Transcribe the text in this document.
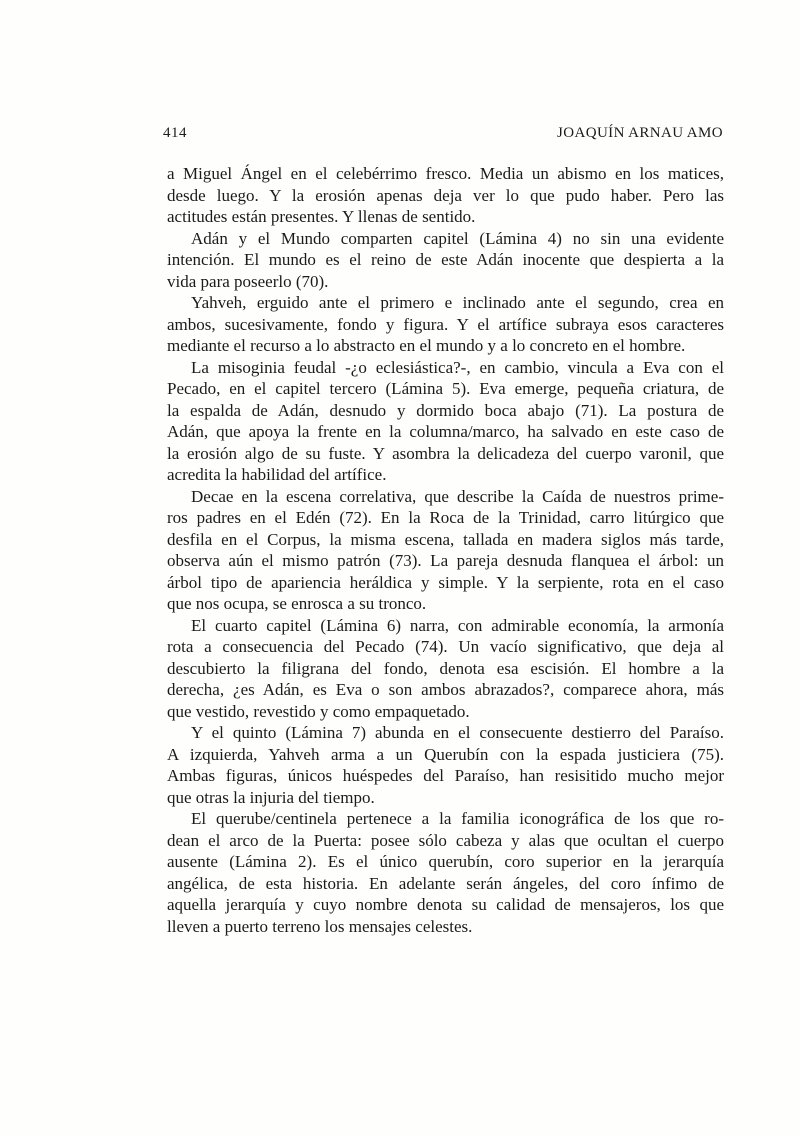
414	JOAQUÍN ARNAU AMO
a Miguel Ángel en el celebérrimo fresco. Media un abismo en los matices,
desde luego. Y la erosión apenas deja ver lo que pudo haber. Pero las
actitudes están presentes. Y llenas de sentido.
Adán y el Mundo comparten capitel (Lámina 4) no sin una evidente
intención. El mundo es el reino de este Adán inocente que despierta a la
vida para poseerlo (70).
Yahveh, erguido ante el primero e inclinado ante el segundo, crea en
ambos, sucesivamente, fondo y figura. Y el artífice subraya esos caracteres
mediante el recurso a lo abstracto en el mundo y a lo concreto en el hombre.
La misoginia feudal -¿o eclesiástica?-, en cambio, vincula a Eva con el
Pecado, en el capitel tercero (Lámina 5). Eva emerge, pequeña criatura, de
la espalda de Adán, desnudo y dormido boca abajo (71). La postura de
Adán, que apoya la frente en la columna/marco, ha salvado en este caso de
la erosión algo de su fuste. Y asombra la delicadeza del cuerpo varonil, que
acredita la habilidad del artífice.
Decae en la escena correlativa, que describe la Caída de nuestros prime-
ros padres en el Edén (72). En la Roca de la Trinidad, carro litúrgico que
desfila en el Corpus, la misma escena, tallada en madera siglos más tarde,
observa aún el mismo patrón (73). La pareja desnuda flanquea el árbol: un
árbol tipo de apariencia heráldica y simple. Y la serpiente, rota en el caso
que nos ocupa, se enrosca a su tronco.
El cuarto capitel (Lámina 6) narra, con admirable economía, la armonía
rota a consecuencia del Pecado (74). Un vacío significativo, que deja al
descubierto la filigrana del fondo, denota esa escisión. El hombre a la
derecha, ¿es Adán, es Eva o son ambos abrazados?, comparece ahora, más
que vestido, revestido y como empaquetado.
Y el quinto (Lámina 7) abunda en el consecuente destierro del Paraíso.
A izquierda, Yahveh arma a un Querubín con la espada justiciera (75).
Ambas figuras, únicos huéspedes del Paraíso, han resisitido mucho mejor
que otras la injuria del tiempo.
El querube/centinela pertenece a la familia iconográfica de los que ro-
dean el arco de la Puerta: posee sólo cabeza y alas que ocultan el cuerpo
ausente (Lámina 2). Es el único querubín, coro superior en la jerarquía
angélica, de esta historia. En adelante serán ángeles, del coro ínfimo de
aquella jerarquía y cuyo nombre denota su calidad de mensajeros, los que
lleven a puerto terreno los mensajes celestes.
